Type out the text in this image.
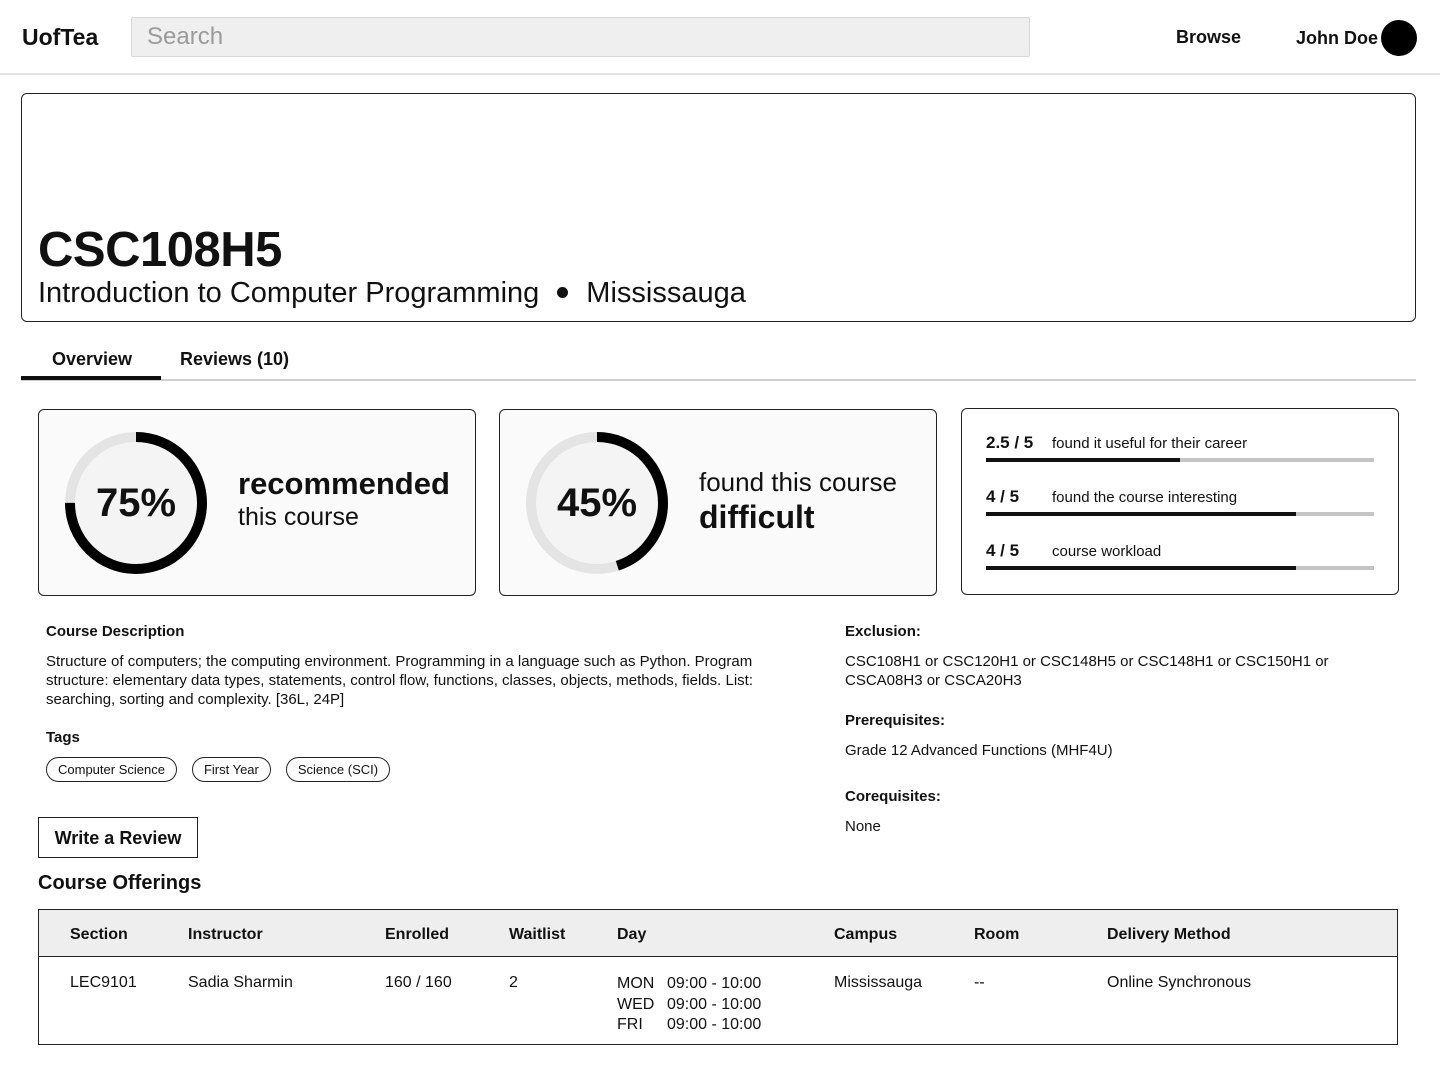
UofTea
Search	Browse	John Doe
CSC108H5
Introduction to Computer Programming Mississauga
Overview	Reviews (10)
75%	recommended
this course	45%	found this course
difficult
2.5 / 5 found it useful for their career
4 / 5 found the course interesting
4 / 5 course workload
Course Description
Structure of computers; the computing environment. Programming in a language such as Python. Program structure: elementary data types, statements, control flow, functions, classes, objects, methods, fields. List: searching, sorting and complexity. [36L, 24P]
Tags
Computer Science	First Year	Science (SCI)
Exclusion:
CSC108H1 or CSC120H1 or CSC148H5 or CSC148H1 or CSC150H1 or CSCA08H3 or CSCA20H3
Prerequisites:
Grade 12 Advanced Functions (MHF4U)
Corequisites:
None
Write a Review
Course Offerings
Section	Instructor	Enrolled	Waitlist	Day	Campus	Room	Delivery Method
LEC9101	Sadia Sharmin	160 / 160	2	MON 09:00 - 10:00
WED 09:00 - 10:00
FRI 09:00 - 10:00
Mississauga	--	Online Synchronous
